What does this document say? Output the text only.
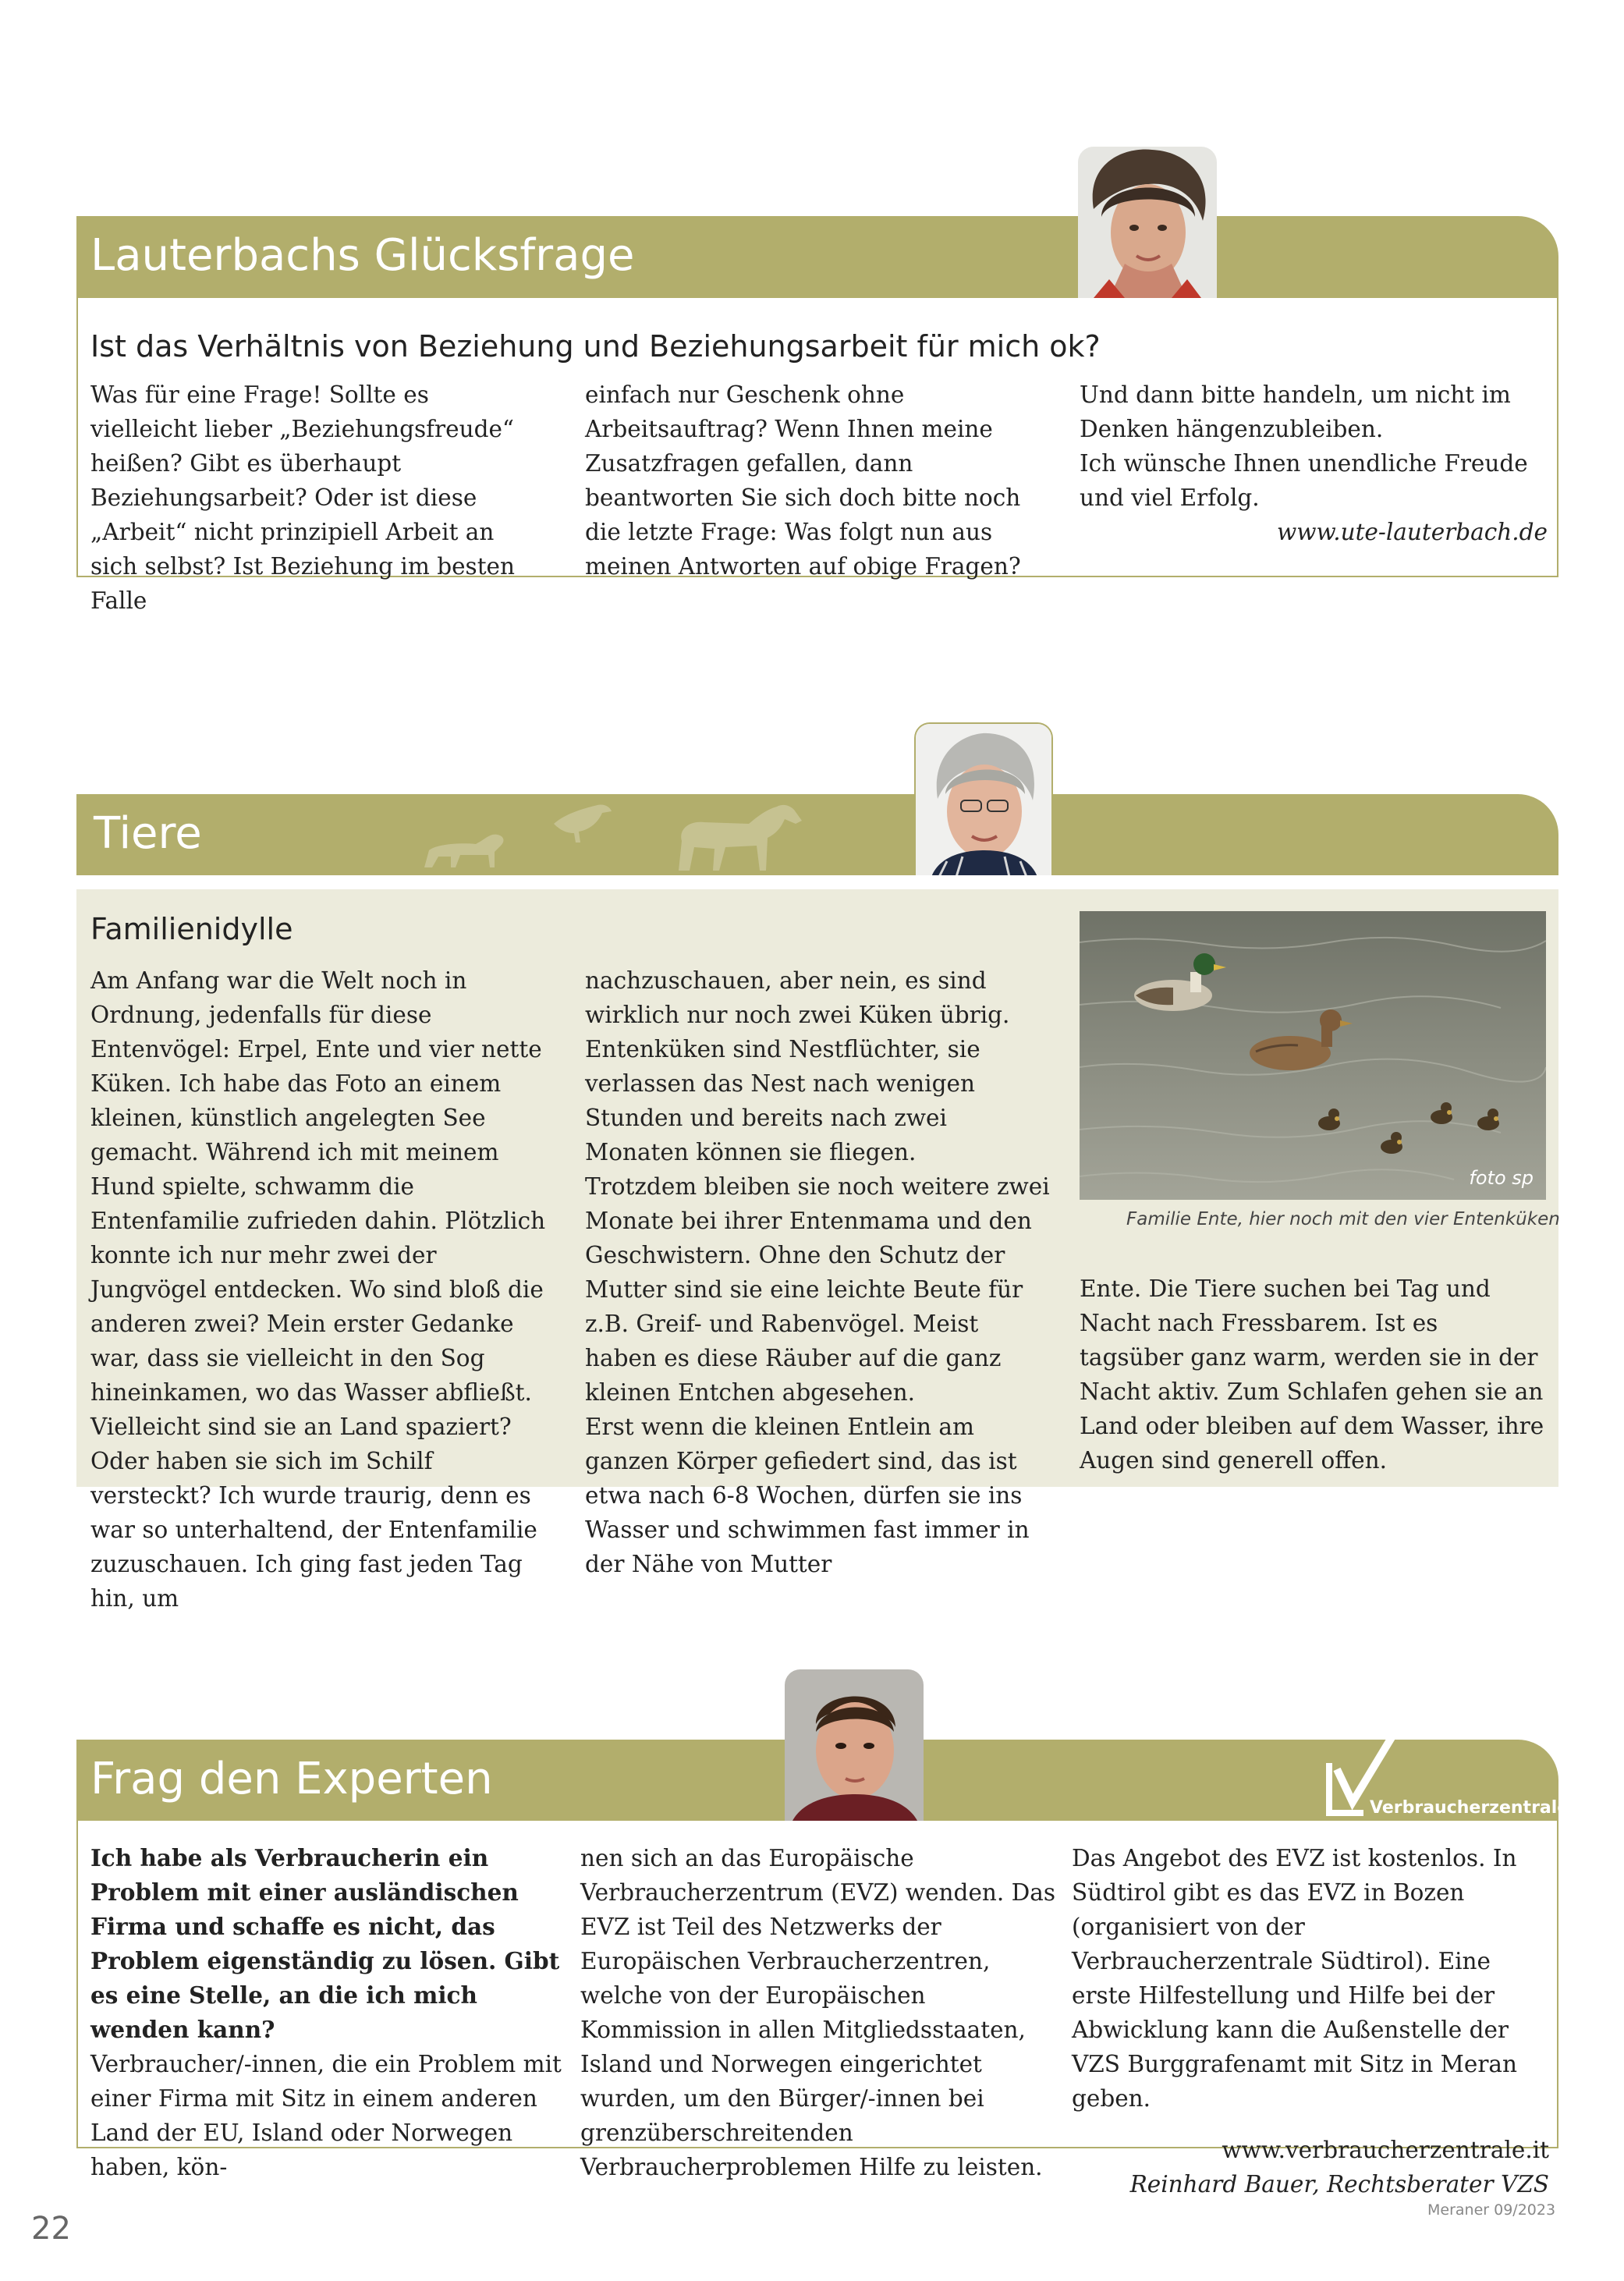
Lauterbachs Glücksfrage
Ist das Verhältnis von Beziehung und Beziehungsarbeit für mich ok?

Was für eine Frage! Sollte es vielleicht lieber „Beziehungsfreude“ heißen? Gibt es überhaupt Beziehungsarbeit? Oder ist diese „Arbeit“ nicht prinzipiell Arbeit an sich selbst? Ist Beziehung im besten Falle

einfach nur Geschenk ohne Arbeitsauftrag? Wenn Ihnen meine Zusatzfragen gefallen, dann beantworten Sie sich doch bitte noch die letzte Frage: Was folgt nun aus meinen Antworten auf obige Fragen?

Und dann bitte handeln, um nicht im Denken hängenzubleiben.

Ich wünsche Ihnen unendliche Freude und viel Erfolg.

www.ute-lauterbach.de

Tiere
Familienidylle

Am Anfang war die Welt noch in Ordnung, jedenfalls für diese Entenvögel: Erpel, Ente und vier nette Küken. Ich habe das Foto an einem kleinen, künstlich angelegten See gemacht. Während ich mit meinem Hund spielte, schwamm die Entenfamilie zufrieden dahin. Plötzlich konnte ich nur mehr zwei der Jungvögel entdecken. Wo sind bloß die anderen zwei? Mein erster Gedanke war, dass sie vielleicht in den Sog hineinkamen, wo das Wasser abfließt. Vielleicht sind sie an Land spaziert? Oder haben sie sich im Schilf versteckt? Ich wurde traurig, denn es war so unterhaltend, der Entenfamilie zuzuschauen. Ich ging fast jeden Tag hin, um

nachzuschauen, aber nein, es sind wirklich nur noch zwei Küken übrig.

Entenküken sind Nestflüchter, sie verlassen das Nest nach wenigen Stunden und bereits nach zwei Monaten können sie fliegen.

Trotzdem bleiben sie noch weitere zwei Monate bei ihrer Entenmama und den Geschwistern. Ohne den Schutz der Mutter sind sie eine leichte Beute für z.B. Greif- und Rabenvögel. Meist haben es diese Räuber auf die ganz kleinen Entchen abgesehen.

Erst wenn die kleinen Entlein am ganzen Körper gefiedert sind, das ist etwa nach 6-8 Wochen, dürfen sie ins Wasser und schwimmen fast immer in der Nähe von Mutter

foto sp
Familie Ente, hier noch mit den vier Entenküken

Ente. Die Tiere suchen bei Tag und Nacht nach Fressbarem. Ist es tagsüber ganz warm, werden sie in der Nacht aktiv. Zum Schlafen gehen sie an Land oder bleiben auf dem Wasser, ihre Augen sind generell offen.

Frag den Experten
Verbraucherzentrale

Ich habe als Verbraucherin ein Problem mit einer ausländischen Firma und schaffe es nicht, das Problem eigenständig zu lösen. Gibt es eine Stelle, an die ich mich wenden kann?

Verbraucher/-innen, die ein Problem mit einer Firma mit Sitz in einem anderen Land der EU, Island oder Norwegen haben, kön-

nen sich an das Europäische Verbraucherzentrum (EVZ) wenden. Das EVZ ist Teil des Netzwerks der Europäischen Verbraucherzentren, welche von der Europäischen Kommission in allen Mitgliedsstaaten, Island und Norwegen eingerichtet wurden, um den Bürger/-innen bei grenzüberschreitenden Verbraucherproblemen Hilfe zu leisten.

Das Angebot des EVZ ist kostenlos. In Südtirol gibt es das EVZ in Bozen (organisiert von der Verbraucherzentrale Südtirol). Eine erste Hilfestellung und Hilfe bei der Abwicklung kann die Außenstelle der VZS Burggrafenamt mit Sitz in Meran geben.

www.verbraucherzentrale.it

Reinhard Bauer, Rechtsberater VZS

22
Meraner 09/2023
